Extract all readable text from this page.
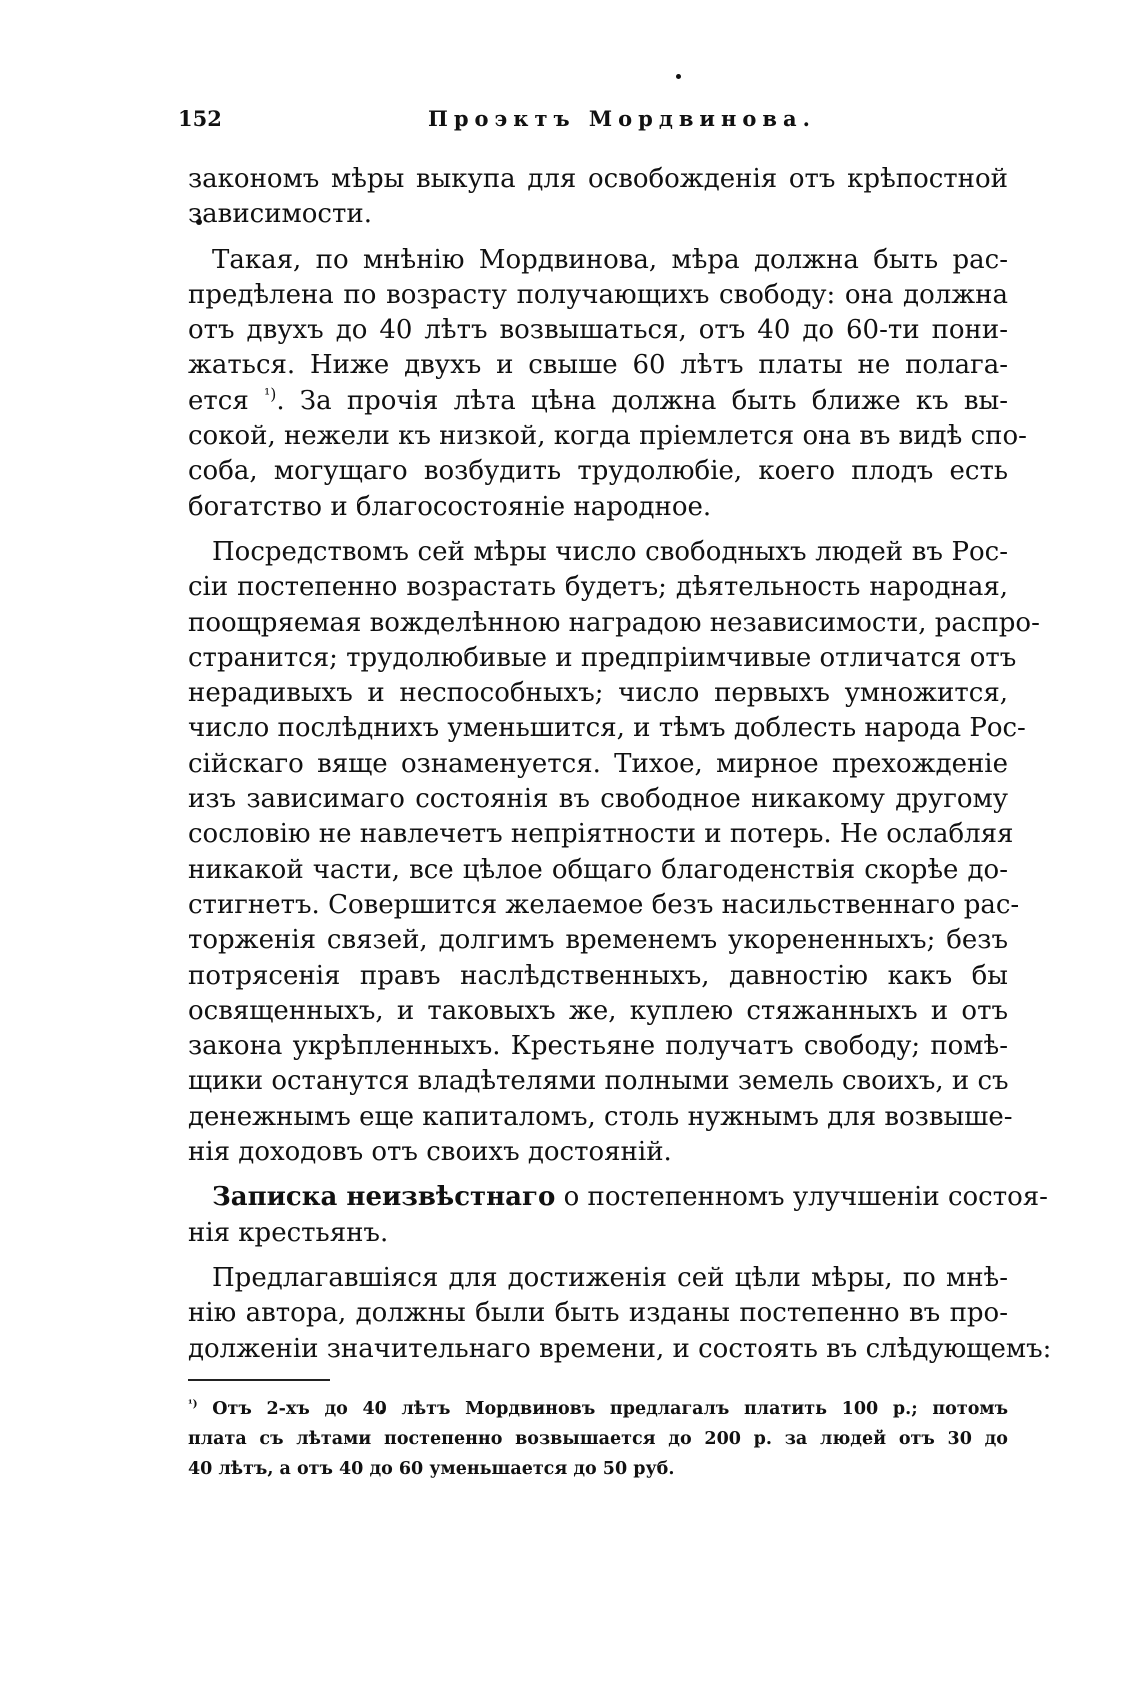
152	Проэктъ Мордвинова.

закономъ мѣры выкупа для освобожденія отъ крѣпостной
зависимости.

Такая, по мнѣнію Мордвинова, мѣра должна быть рас-
предѣлена по возрасту получающихъ свободу: она должна
отъ двухъ до 40 лѣтъ возвышаться, отъ 40 до 60-ти пони-
жаться. Ниже двухъ и свыше 60 лѣтъ платы не полага-
ется $^{^1)}$. За прочія лѣта цѣна должна быть ближе къ вы-
сокой, нежели къ низкой, когда пріемлется она въ видѣ спо-
соба, могущаго возбудить трудолюбіе, коего плодъ есть
богатство и благосостояніе народное.

Посредствомъ сей мѣры число свободныхъ людей въ Рос-
сіи постепенно возрастать будетъ; дѣятельность народная,
поощряемая вожделѣнною наградою независимости, распро-
странится; трудолюбивые и предпріимчивые отличатся отъ
нерадивыхъ и неспособныхъ; число первыхъ умножится,
число послѣднихъ уменьшится, и тѣмъ доблесть народа Рос-
сійскаго вяще ознаменуется. Тихое, мирное прехожденіе
изъ зависимаго состоянія въ свободное никакому другому
сословію не навлечетъ непріятности и потерь. Не ослабляя
никакой части, все цѣлое общаго благоденствія скорѣе до-
стигнетъ. Совершится желаемое безъ насильственнаго рас-
торженія связей, долгимъ временемъ укорененныхъ; безъ
потрясенія правъ наслѣдственныхъ, давностію какъ бы
освященныхъ, и таковыхъ же, куплею стяжанныхъ и отъ
закона укрѣпленныхъ. Крестьяне получатъ свободу; помѣ-
щики останутся владѣтелями полными земель своихъ, и съ
денежнымъ еще капиталомъ, столь нужнымъ для возвыше-
нія доходовъ отъ своихъ достояній.

Записка неизвѣстнаго о постепенномъ улучшеніи состоя-
нія крестьянъ.

Предлагавшіяся для достиженія сей цѣли мѣры, по мнѣ-
нію автора, должны были быть изданы постепенно въ про-
долженіи значительнаго времени, и состоять въ слѣдующемъ:

$^{^1)}$ Отъ 2-хъ до 40 лѣтъ Мордвиновъ предлагалъ платить 100 р.; потомъ
плата съ лѣтами постепенно возвышается до 200 р. за людей отъ 30 до
40 лѣтъ, а отъ 40 до 60 уменьшается до 50 руб.
